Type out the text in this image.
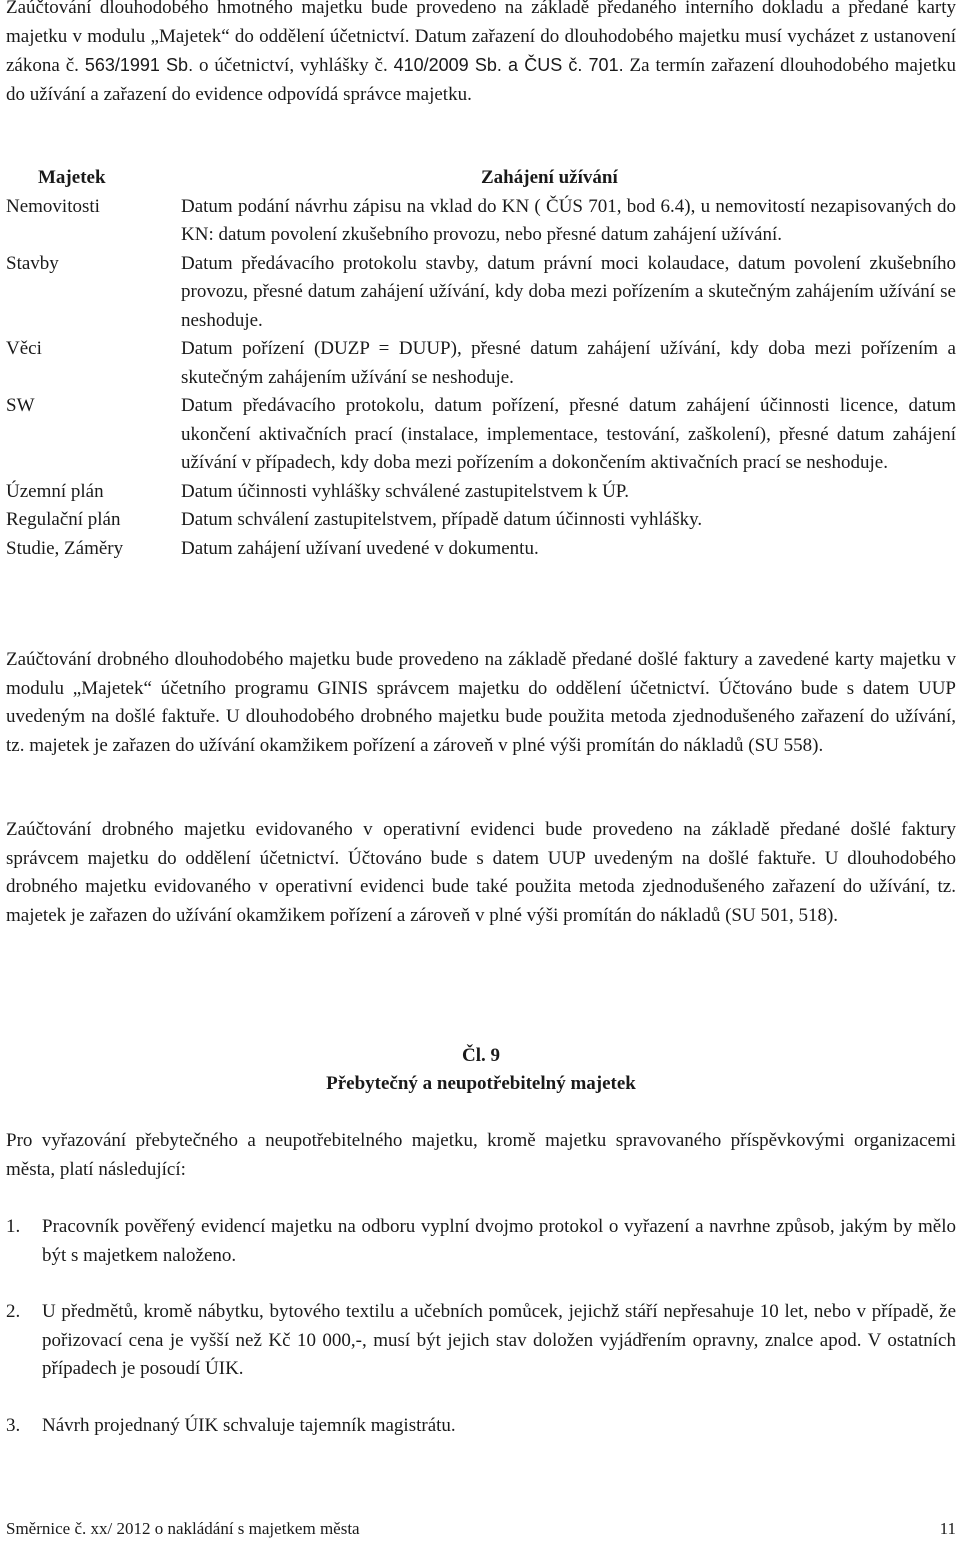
Zaúčtování dlouhodobého hmotného majetku bude provedeno na základě předaného interního dokladu a předané karty majetku v modulu „Majetek“ do oddělení účetnictví. Datum zařazení do dlouhodobého majetku musí vycházet z ustanovení zákona č. 563/1991 Sb. o účetnictví, vyhlášky č. 410/2009 Sb. a ČUS č. 701. Za termín zařazení dlouhodobého majetku do užívání a zařazení do evidence odpovídá správce majetku.

Majetek	Zahájení užívání
Nemovitosti	Datum podání návrhu zápisu na vklad do KN ( ČÚS 701, bod 6.4), u nemovitostí nezapisovaných do KN: datum povolení zkušebního provozu, nebo přesné datum zahájení užívání.
Stavby	Datum předávacího protokolu stavby, datum právní moci kolaudace, datum povolení zkušebního provozu, přesné datum zahájení užívání, kdy doba mezi pořízením a skutečným zahájením užívání se neshoduje.
Věci	Datum pořízení (DUZP = DUUP), přesné datum zahájení užívání, kdy doba mezi pořízením a skutečným zahájením užívání se neshoduje.
SW	Datum předávacího protokolu, datum pořízení, přesné datum zahájení účinnosti licence, datum ukončení aktivačních prací (instalace, implementace, testování, zaškolení), přesné datum zahájení užívání v případech, kdy doba mezi pořízením a dokončením aktivačních prací se neshoduje.
Územní plán	Datum účinnosti vyhlášky schválené zastupitelstvem k ÚP.
Regulační plán	Datum schválení zastupitelstvem, případě datum účinnosti vyhlášky.
Studie, Záměry	Datum zahájení užívaní uvedené v dokumentu.

Zaúčtování drobného dlouhodobého majetku bude provedeno na základě předané došlé faktury a zavedené karty majetku v modulu „Majetek“ účetního programu GINIS správcem majetku do oddělení účetnictví. Účtováno bude s datem UUP uvedeným na došlé faktuře. U dlouhodobého drobného majetku bude použita metoda zjednodušeného zařazení do užívání, tz. majetek je zařazen do užívání okamžikem pořízení a zároveň v plné výši promítán do nákladů (SU 558).

Zaúčtování drobného majetku evidovaného v operativní evidenci bude provedeno na základě předané došlé faktury správcem majetku do oddělení účetnictví. Účtováno bude s datem UUP uvedeným na došlé faktuře. U dlouhodobého drobného majetku evidovaného v operativní evidenci bude také použita metoda zjednodušeného zařazení do užívání, tz. majetek je zařazen do užívání okamžikem pořízení a zároveň v plné výši promítán do nákladů (SU 501, 518).

Čl. 9
Přebytečný a neupotřebitelný majetek

Pro vyřazování přebytečného a neupotřebitelného majetku, kromě majetku spravovaného příspěvkovými organizacemi města, platí následující:

1.	Pracovník pověřený evidencí majetku na odboru vyplní dvojmo protokol o vyřazení a navrhne způsob, jakým by mělo být s majetkem naloženo.
2.	U předmětů, kromě nábytku, bytového textilu a učebních pomůcek, jejichž stáří nepřesahuje 10 let, nebo v případě, že pořizovací cena je vyšší než Kč 10 000,-, musí být jejich stav doložen vyjádřením opravny, znalce apod. V ostatních případech je posoudí ÚIK.
3.	Návrh projednaný ÚIK schvaluje tajemník magistrátu.
Směrnice č. xx/ 2012 o nakládání s majetkem města	11
